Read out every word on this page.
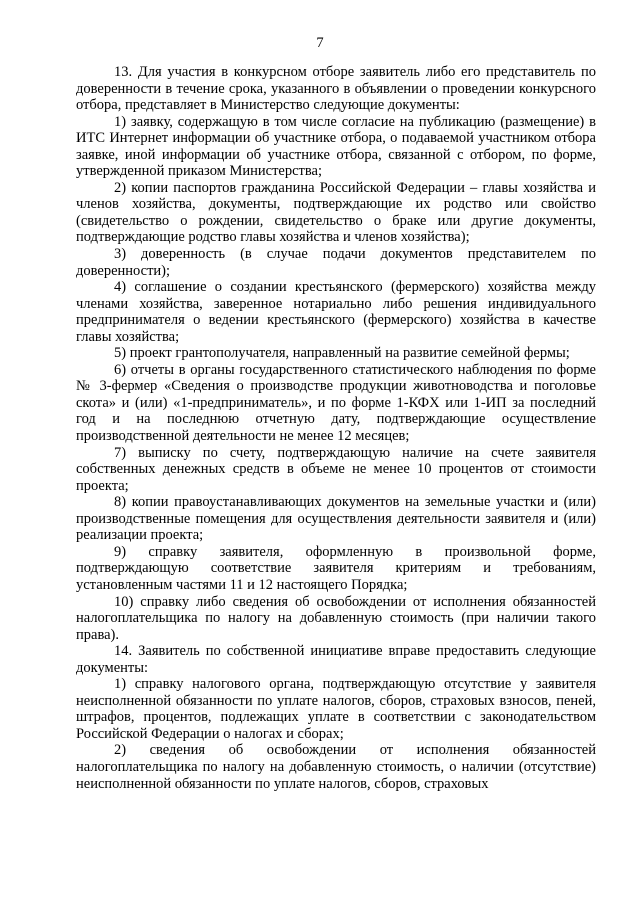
7

13. Для участия в конкурсном отборе заявитель либо его представитель по доверенности в течение срока, указанного в объявлении о проведении конкурсного отбора, представляет в Министерство следующие документы:

1) заявку, содержащую в том числе согласие на публикацию (размещение) в ИТС Интернет информации об участнике отбора, о подаваемой участником отбора заявке, иной информации об участнике отбора, связанной с отбором, по форме, утвержденной приказом Министерства;

2) копии паспортов гражданина Российской Федерации – главы хозяйства и членов хозяйства, документы, подтверждающие их родство или свойство (свидетельство о рождении, свидетельство о браке или другие документы, подтверждающие родство главы хозяйства и членов хозяйства);

3) доверенность (в случае подачи документов представителем по доверенности);

4) соглашение о создании крестьянского (фермерского) хозяйства между членами хозяйства, заверенное нотариально либо решения индивидуального предпринимателя о ведении крестьянского (фермерского) хозяйства в качестве главы хозяйства;

5) проект грантополучателя, направленный на развитие семейной фермы;

6) отчеты в органы государственного статистического наблюдения по форме № 3-фермер «Сведения о производстве продукции животноводства и поголовье скота» и (или) «1-предприниматель», и по форме 1-КФХ или 1-ИП за последний год и на последнюю отчетную дату, подтверждающие осуществление производственной деятельности не менее 12 месяцев;

7) выписку по счету, подтверждающую наличие на счете заявителя собственных денежных средств в объеме не менее 10 процентов от стоимости проекта;

8) копии правоустанавливающих документов на земельные участки и (или) производственные помещения для осуществления деятельности заявителя и (или) реализации проекта;

9) справку заявителя, оформленную в произвольной форме, подтверждающую соответствие заявителя критериям и требованиям, установленным частями 11 и 12 настоящего Порядка;

10) справку либо сведения об освобождении от исполнения обязанностей налогоплательщика по налогу на добавленную стоимость (при наличии такого права).

14. Заявитель по собственной инициативе вправе предоставить следующие документы:

1) справку налогового органа, подтверждающую отсутствие у заявителя неисполненной обязанности по уплате налогов, сборов, страховых взносов, пеней, штрафов, процентов, подлежащих уплате в соответствии с законодательством Российской Федерации о налогах и сборах;

2) сведения об освобождении от исполнения обязанностей налогоплательщика по налогу на добавленную стоимость, о наличии (отсутствие) неисполненной обязанности по уплате налогов, сборов, страховых
